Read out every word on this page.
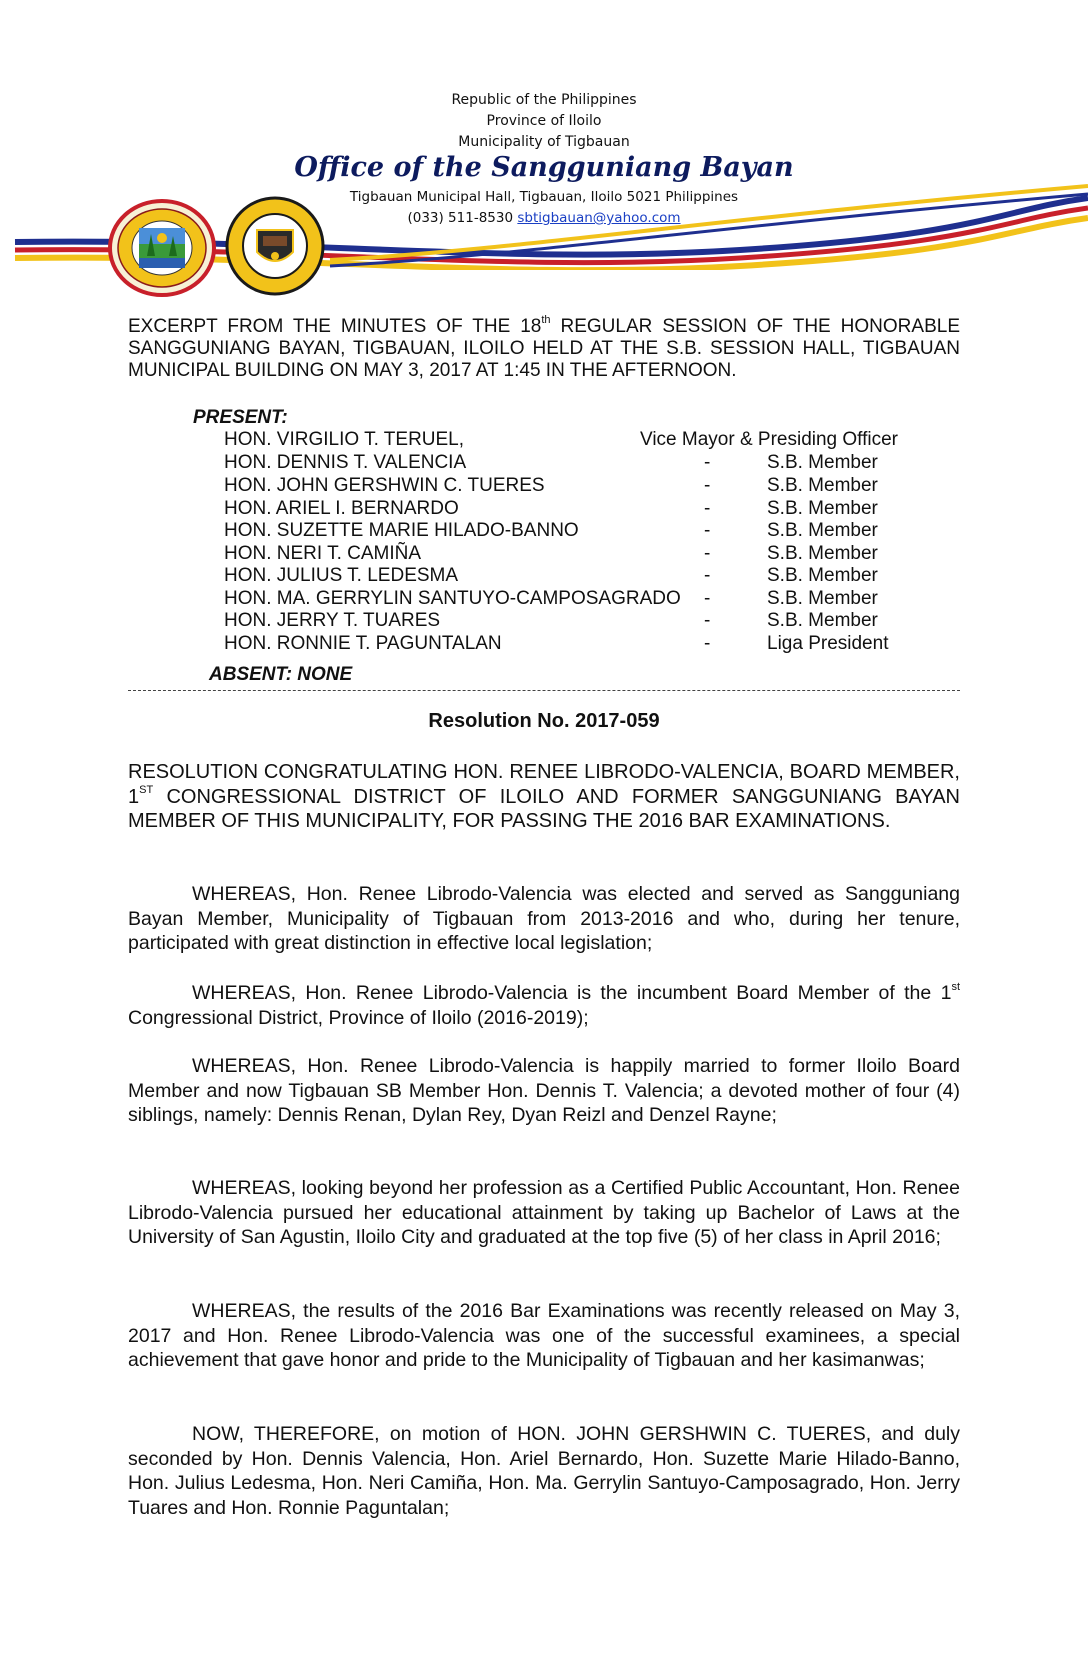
Republic of the Philippines
Province of Iloilo
Municipality of Tigbauan
Office of the Sangguniang Bayan
Tigbauan Municipal Hall, Tigbauan, Iloilo 5021 Philippines
(033) 511-8530 sbtigbauan@yahoo.com
EXCERPT FROM THE MINUTES OF THE 18th REGULAR SESSION OF THE HONORABLE SANGGUNIANG BAYAN, TIGBAUAN, ILOILO HELD AT THE S.B. SESSION HALL, TIGBAUAN MUNICIPAL BUILDING ON MAY 3, 2017 AT 1:45 IN THE AFTERNOON.
PRESENT:
HON. VIRGILIO T. TERUEL,	Vice Mayor & Presiding Officer
HON. DENNIS T. VALENCIA	-	S.B. Member
HON. JOHN GERSHWIN C. TUERES	-	S.B. Member
HON. ARIEL I. BERNARDO	-	S.B. Member
HON. SUZETTE MARIE HILADO-BANNO	-	S.B. Member
HON. NERI T. CAMIÑA	-	S.B. Member
HON. JULIUS T. LEDESMA	-	S.B. Member
HON. MA. GERRYLIN SANTUYO-CAMPOSAGRADO -	S.B. Member
HON. JERRY T. TUARES	-	S.B. Member
HON. RONNIE T. PAGUNTALAN	-	Liga President
ABSENT: NONE
Resolution No. 2017-059
RESOLUTION CONGRATULATING HON. RENEE LIBRODO-VALENCIA, BOARD MEMBER, 1ST CONGRESSIONAL DISTRICT OF ILOILO AND FORMER SANGGUNIANG BAYAN MEMBER OF THIS MUNICIPALITY, FOR PASSING THE 2016 BAR EXAMINATIONS.
WHEREAS, Hon. Renee Librodo-Valencia was elected and served as Sangguniang Bayan Member, Municipality of Tigbauan from 2013-2016 and who, during her tenure, participated with great distinction in effective local legislation;
WHEREAS, Hon. Renee Librodo-Valencia is the incumbent Board Member of the 1st Congressional District, Province of Iloilo (2016-2019);
WHEREAS, Hon. Renee Librodo-Valencia is happily married to former Iloilo Board Member and now Tigbauan SB Member Hon. Dennis T. Valencia; a devoted mother of four (4) siblings, namely: Dennis Renan, Dylan Rey, Dyan Reizl and Denzel Rayne;
WHEREAS, looking beyond her profession as a Certified Public Accountant, Hon. Renee Librodo-Valencia pursued her educational attainment by taking up Bachelor of Laws at the University of San Agustin, Iloilo City and graduated at the top five (5) of her class in April 2016;
WHEREAS, the results of the 2016 Bar Examinations was recently released on May 3, 2017 and Hon. Renee Librodo-Valencia was one of the successful examinees, a special achievement that gave honor and pride to the Municipality of Tigbauan and her kasimanwas;
NOW, THEREFORE, on motion of HON. JOHN GERSHWIN C. TUERES, and duly seconded by Hon. Dennis Valencia, Hon. Ariel Bernardo, Hon. Suzette Marie Hilado-Banno, Hon. Julius Ledesma, Hon. Neri Camiña, Hon. Ma. Gerrylin Santuyo-Camposagrado, Hon. Jerry Tuares and Hon. Ronnie Paguntalan;
